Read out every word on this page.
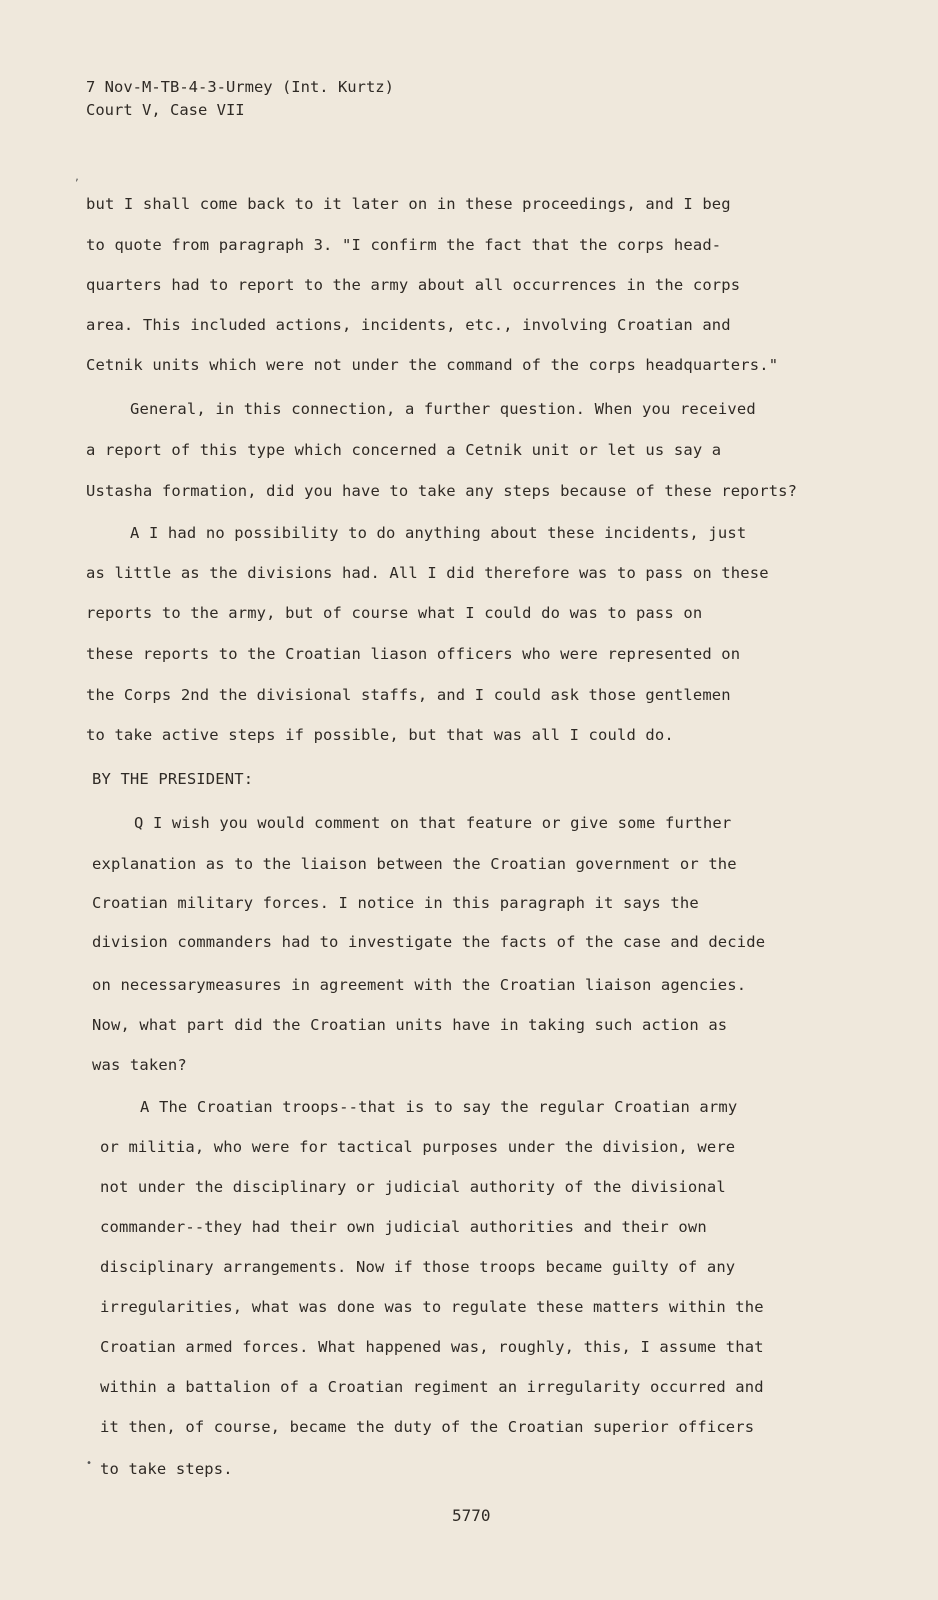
7 Nov-M-TB-4-3-Urmey (Int. Kurtz)
Court V, Case VII
but I shall come back to it later on in these proceedings, and I beg
to quote from paragraph 3. "I confirm the fact that the corps head-
quarters had to report to the army about all occurrences in the corps
area. This included actions, incidents, etc., involving Croatian and
Cetnik units which were not under the command of the corps headquarters."
General, in this connection, a further question. When you received
a report of this type which concerned a Cetnik unit or let us say a
Ustasha formation, did you have to take any steps because of these reports?
A I had no possibility to do anything about these incidents, just
as little as the divisions had. All I did therefore was to pass on these
reports to the army, but of course what I could do was to pass on
these reports to the Croatian liason officers who were represented on
the Corps 2nd the divisional staffs, and I could ask those gentlemen
to take active steps if possible, but that was all I could do.
BY THE PRESIDENT:
Q I wish you would comment on that feature or give some further
explanation as to the liaison between the Croatian government or the
Croatian military forces. I notice in this paragraph it says the
division commanders had to investigate the facts of the case and decide
on necessarymeasures in agreement with the Croatian liaison agencies.
Now, what part did the Croatian units have in taking such action as
was taken?
A The Croatian troops--that is to say the regular Croatian army
or militia, who were for tactical purposes under the division, were
not under the disciplinary or judicial authority of the divisional
commander--they had their own judicial authorities and their own
disciplinary arrangements. Now if those troops became guilty of any
irregularities, what was done was to regulate these matters within the
Croatian armed forces. What happened was, roughly, this, I assume that
within a battalion of a Croatian regiment an irregularity occurred and
it then, of course, became the duty of the Croatian superior officers
to take steps.
5770
,
•
